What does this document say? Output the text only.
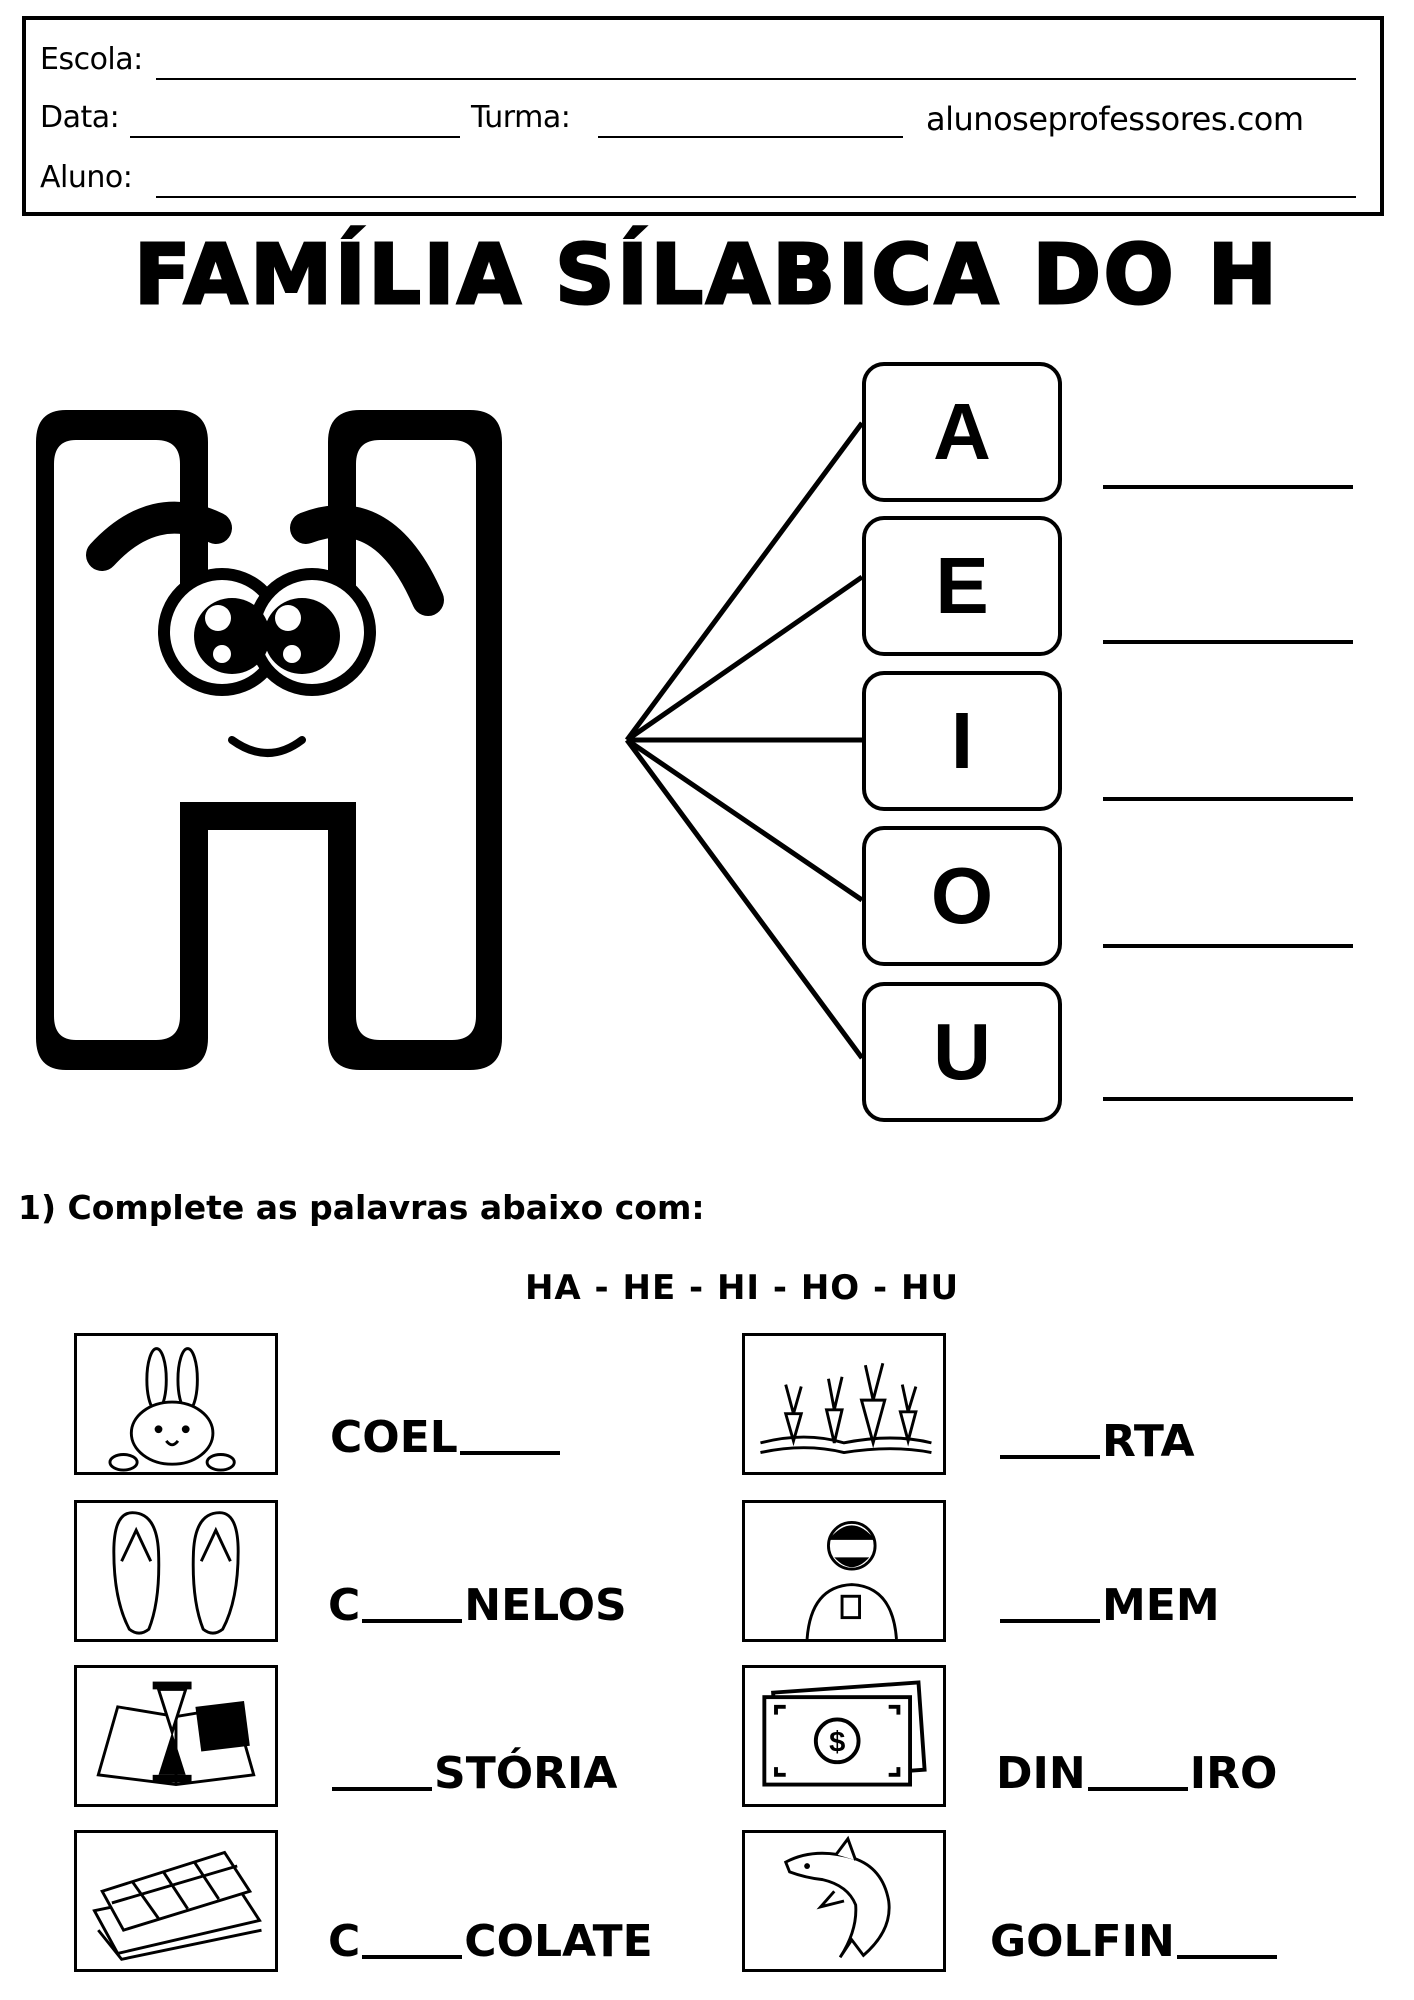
Escola:
Data:	Turma:	alunoseprofessores.com
Aluno:
FAMÍLIA SÍLABICA DO H
A
E
I
O
U
1) Complete as palavras abaixo com:
HA - HE - HI - HO - HU
COEL	RTA
C NELOS	MEM
STÓRIA
$
DIN IRO
C COLATE	GOLFIN
